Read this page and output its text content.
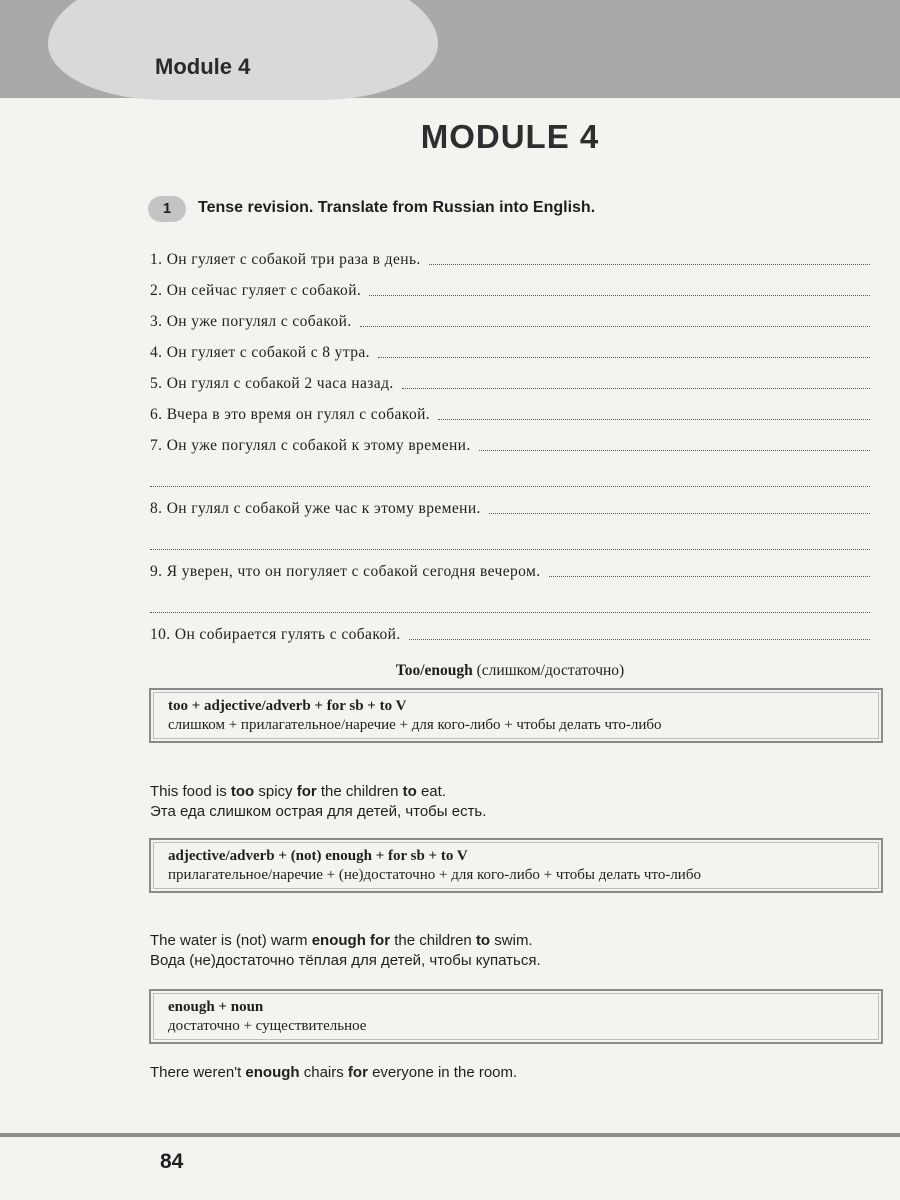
Module 4
MODULE 4
1	Tense revision. Translate from Russian into English.
1. Он гуляет с собакой три раза в день.
2. Он сейчас гуляет с собакой.
3. Он уже погулял с собакой.
4. Он гуляет с собакой с 8 утра.
5. Он гулял с собакой 2 часа назад.
6. Вчера в это время он гулял с собакой.
7. Он уже погулял с собакой к этому времени.
8. Он гулял с собакой уже час к этому времени.
9. Я уверен, что он погуляет с собакой сегодня вечером.
10. Он собирается гулять с собакой.
Too/enough (слишком/достаточно)
too + adjective/adverb + for sb + to V
слишком + прилагательное/наречие + для кого-либо + чтобы делать что-либо
This food is too spicy for the children to eat.
Эта еда слишком острая для детей, чтобы есть.
adjective/adverb + (not) enough + for sb + to V
прилагательное/наречие + (не)достаточно + для кого-либо + чтобы делать что-либо
The water is (not) warm enough for the children to swim.
Вода (не)достаточно тёплая для детей, чтобы купаться.
enough + noun
достаточно + существительное
There weren't enough chairs for everyone in the room.
84
